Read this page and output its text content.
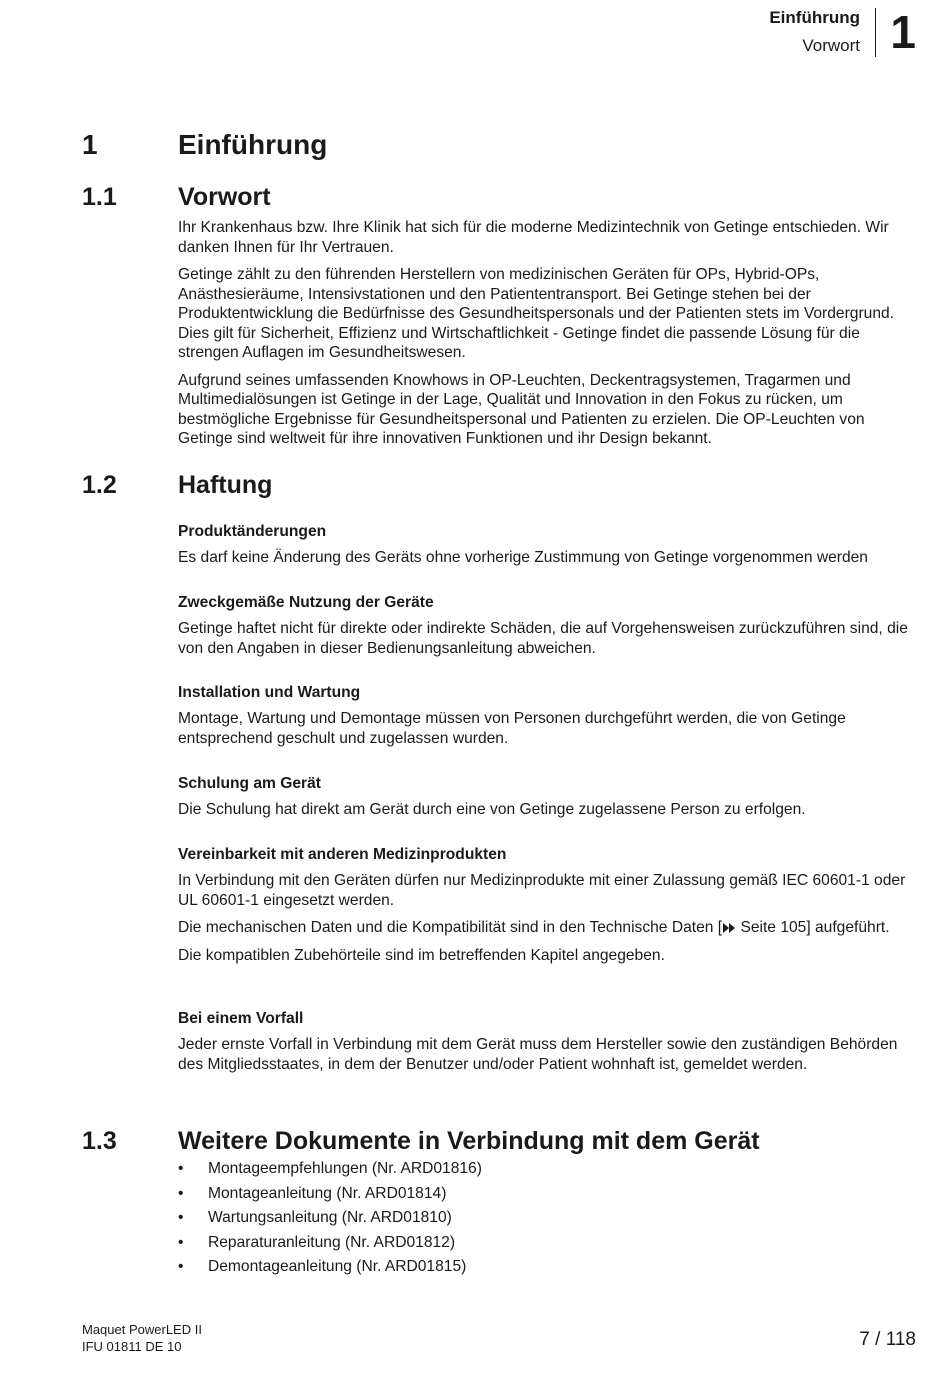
Einführung
Vorwort 1
1	Einführung
1.1 Vorwort

Ihr Krankenhaus bzw. Ihre Klinik hat sich für die moderne Medizintechnik von Getinge entschieden. Wir danken Ihnen für Ihr Vertrauen.

Getinge zählt zu den führenden Herstellern von medizinischen Geräten für OPs, Hybrid-OPs, Anästhesieräume, Intensivstationen und den Patiententransport. Bei Getinge stehen bei der Produktentwicklung die Bedürfnisse des Gesundheitspersonals und der Patienten stets im Vordergrund. Dies gilt für Sicherheit, Effizienz und Wirtschaftlichkeit - Getinge findet die passende Lösung für die strengen Auflagen im Gesundheitswesen.

Aufgrund seines umfassenden Knowhows in OP-Leuchten, Deckentragsystemen, Tragarmen und Multimedialösungen ist Getinge in der Lage, Qualität und Innovation in den Fokus zu rücken, um bestmögliche Ergebnisse für Gesundheitspersonal und Patienten zu erzielen. Die OP-Leuchten von Getinge sind weltweit für ihre innovativen Funktionen und ihr Design bekannt.

1.2 Haftung
Produktänderungen

Es darf keine Änderung des Geräts ohne vorherige Zustimmung von Getinge vorgenommen werden

Zweckgemäße Nutzung der Geräte

Getinge haftet nicht für direkte oder indirekte Schäden, die auf Vorgehensweisen zurückzuführen sind, die von den Angaben in dieser Bedienungsanleitung abweichen.

Installation und Wartung

Montage, Wartung und Demontage müssen von Personen durchgeführt werden, die von Getinge entsprechend geschult und zugelassen wurden.

Schulung am Gerät

Die Schulung hat direkt am Gerät durch eine von Getinge zugelassene Person zu erfolgen.

Vereinbarkeit mit anderen Medizinprodukten

In Verbindung mit den Geräten dürfen nur Medizinprodukte mit einer Zulassung gemäß IEC 60601-1 oder UL 60601-1 eingesetzt werden.

Die mechanischen Daten und die Kompatibilität sind in den Technische Daten [ Seite 105] aufgeführt.

Die kompatiblen Zubehörteile sind im betreffenden Kapitel angegeben.

Bei einem Vorfall

Jeder ernste Vorfall in Verbindung mit dem Gerät muss dem Hersteller sowie den zuständigen Behörden des Mitgliedsstaates, in dem der Benutzer und/oder Patient wohnhaft ist, gemeldet werden.

1.3 Weitere Dokumente in Verbindung mit dem Gerät
• Montageempfehlungen (Nr. ARD01816)
• Montageanleitung (Nr. ARD01814)
• Wartungsanleitung (Nr. ARD01810)
• Reparaturanleitung (Nr. ARD01812)
• Demontageanleitung (Nr. ARD01815)
Maquet PowerLED II
IFU 01811 DE 10	7 / 118
